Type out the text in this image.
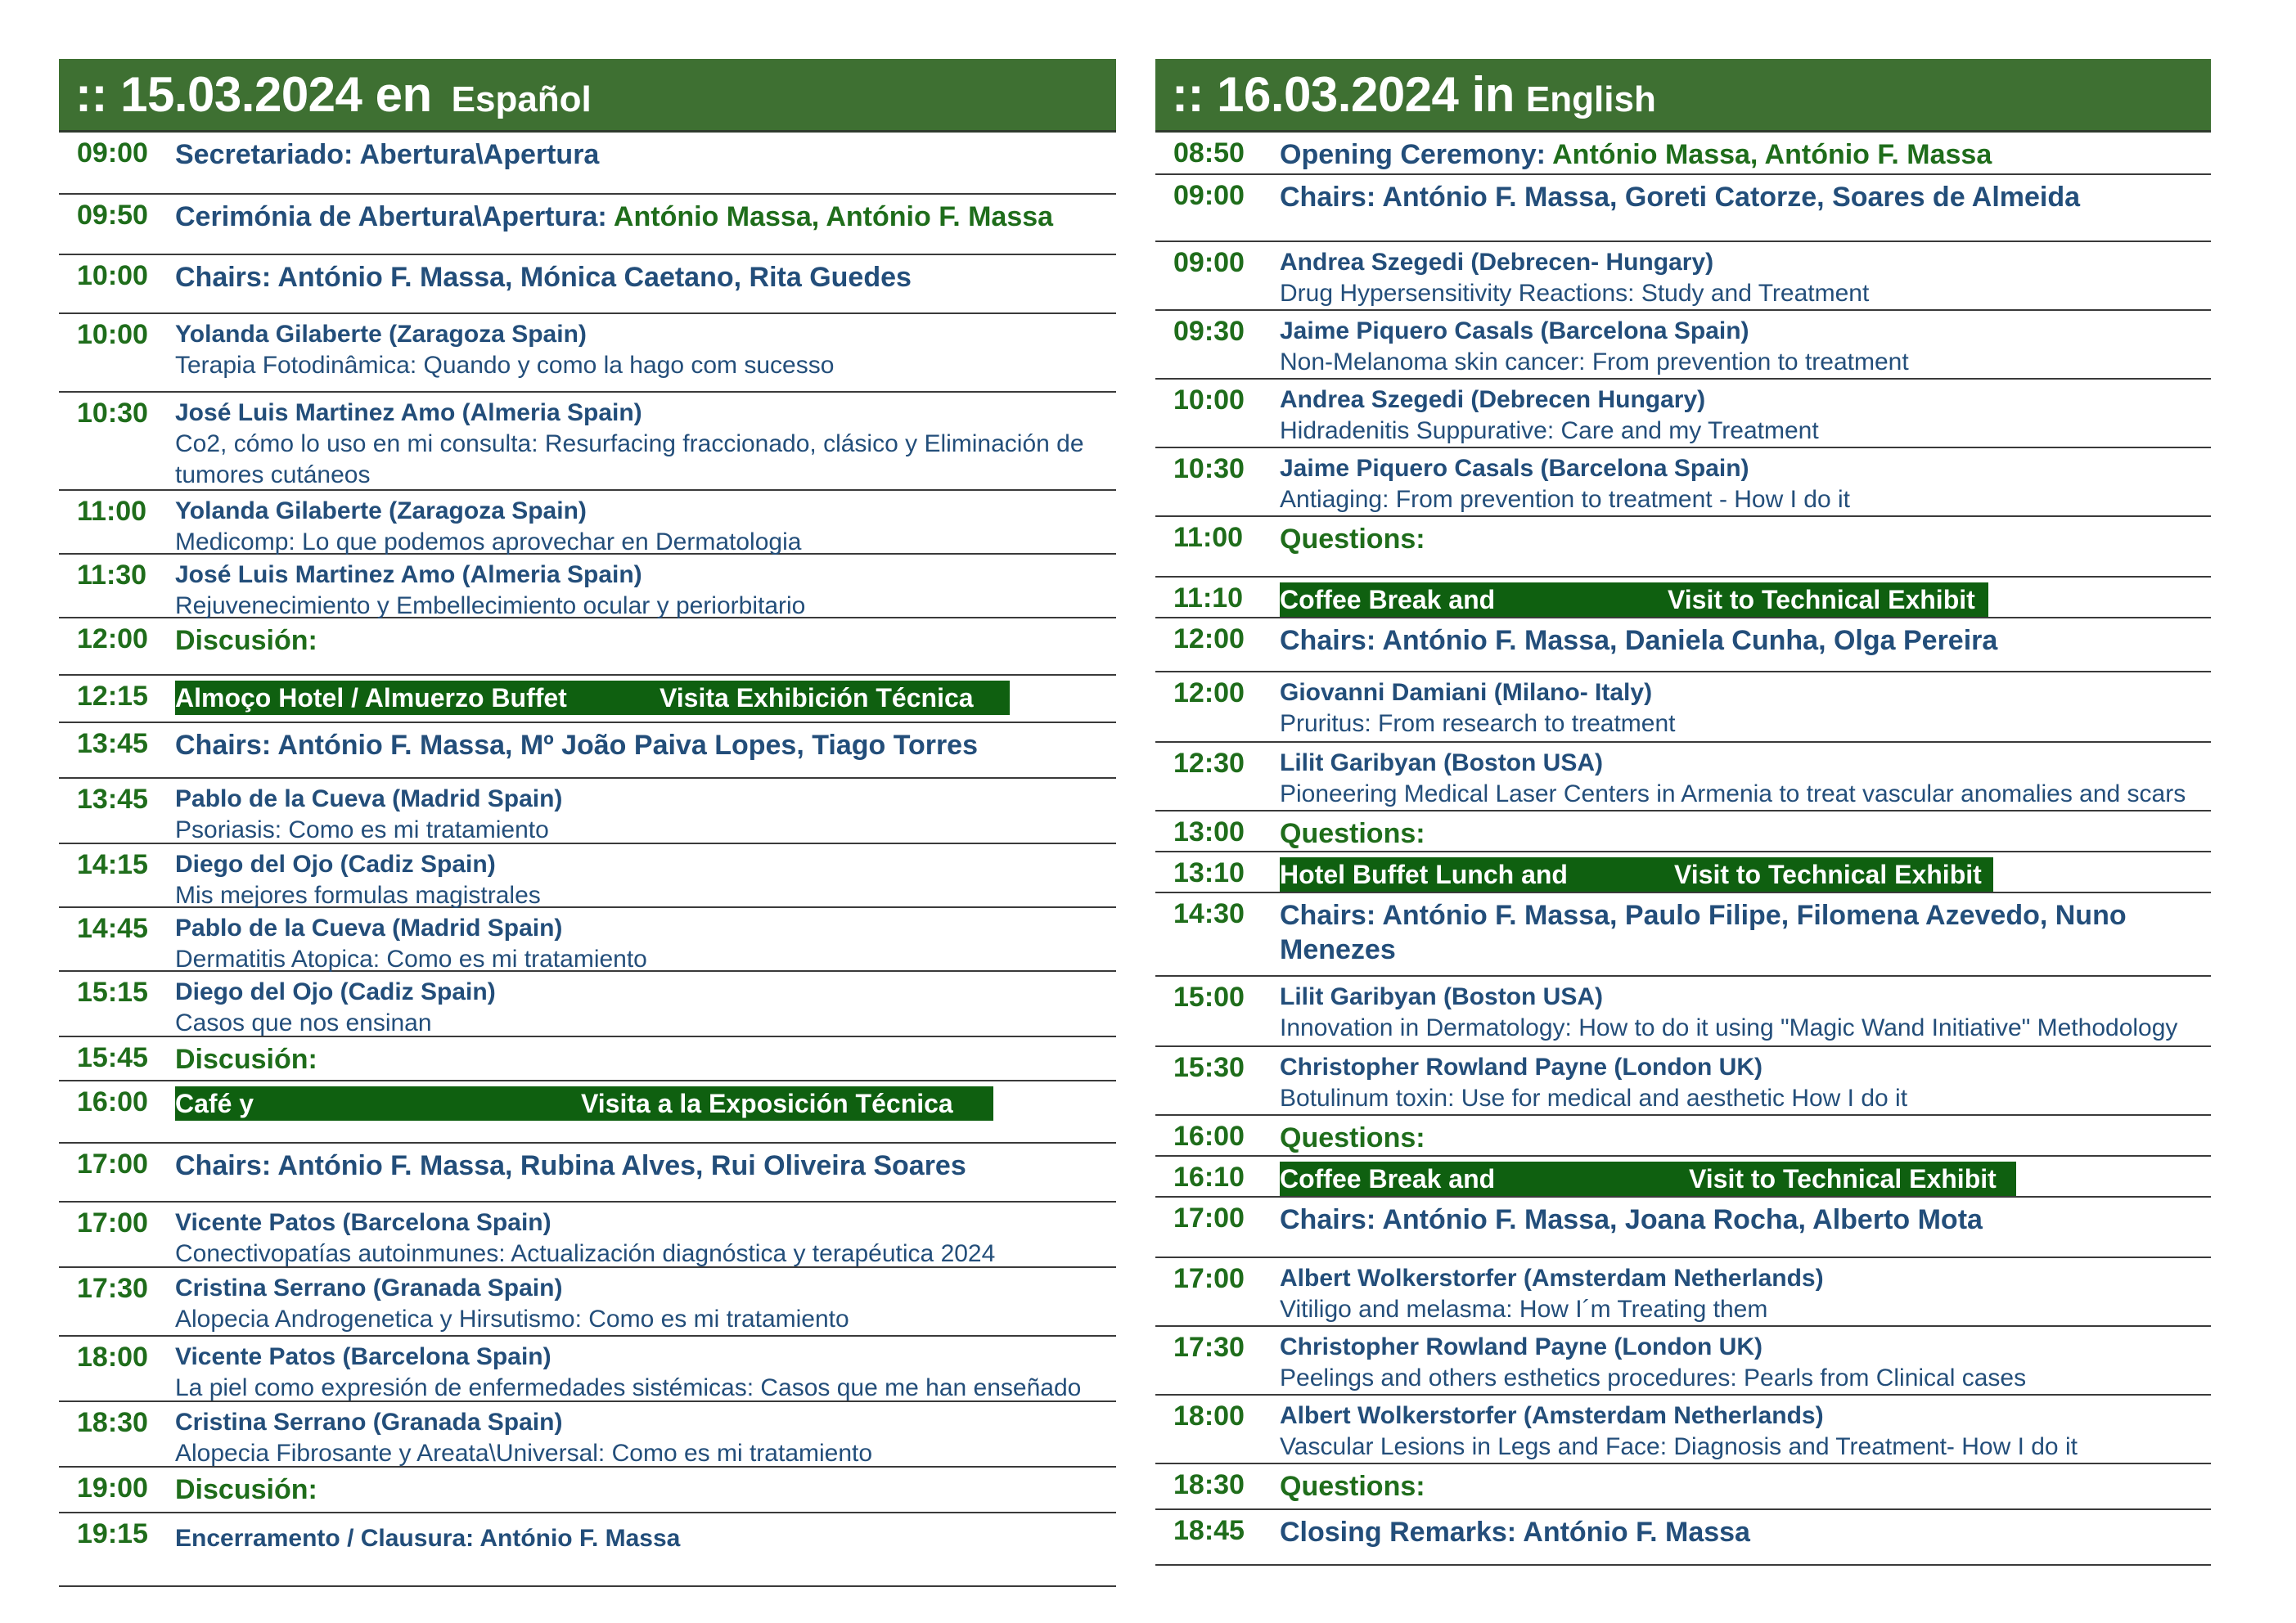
:: 15.03.2024 en Español
09:00 Secretariado: Abertura\Apertura
09:50 Cerimónia de Abertura\Apertura: António Massa, António F. Massa
10:00 Chairs: António F. Massa, Mónica Caetano, Rita Guedes
10:00 Yolanda Gilaberte (Zaragoza Spain)
Terapia Fotodinâmica: Quando y como la hago com sucesso
10:30 José Luis Martinez Amo (Almeria Spain)
Co2, cómo lo uso en mi consulta: Resurfacing fraccionado, clásico y Eliminación de tumores cutáneos
11:00 Yolanda Gilaberte (Zaragoza Spain)
Medicomp: Lo que podemos aprovechar en Dermatologia
11:30 José Luis Martinez Amo (Almeria Spain)
Rejuvenecimiento y Embellecimiento ocular y periorbitario
12:00 Discusión:
12:15 Almoço Hotel / Almuerzo Buffet	Visita Exhibición Técnica
13:45 Chairs: António F. Massa, Mº João Paiva Lopes, Tiago Torres
13:45 Pablo de la Cueva (Madrid Spain)
Psoriasis: Como es mi tratamiento
14:15 Diego del Ojo (Cadiz Spain)
Mis mejores formulas magistrales
14:45 Pablo de la Cueva (Madrid Spain)
Dermatitis Atopica: Como es mi tratamiento
15:15 Diego del Ojo (Cadiz Spain)
Casos que nos ensinan
15:45 Discusión:
16:00 Café y	Visita a la Exposición Técnica
17:00 Chairs: António F. Massa, Rubina Alves, Rui Oliveira Soares
17:00 Vicente Patos (Barcelona Spain)
Conectivopatías autoinmunes: Actualización diagnóstica y terapéutica 2024
17:30 Cristina Serrano (Granada Spain)
Alopecia Androgenetica y Hirsutismo: Como es mi tratamiento
18:00 Vicente Patos (Barcelona Spain)
La piel como expresión de enfermedades sistémicas: Casos que me han enseñado
18:30 Cristina Serrano (Granada Spain)
Alopecia Fibrosante y Areata\Universal: Como es mi tratamiento
19:00 Discusión:
19:15 Encerramento / Clausura: António F. Massa
:: 16.03.2024 in English
08:50 Opening Ceremony: António Massa, António F. Massa
09:00 Chairs: António F. Massa, Goreti Catorze, Soares de Almeida
09:00 Andrea Szegedi (Debrecen- Hungary)
Drug Hypersensitivity Reactions: Study and Treatment
09:30 Jaime Piquero Casals (Barcelona Spain)
Non-Melanoma skin cancer: From prevention to treatment
10:00 Andrea Szegedi (Debrecen Hungary)
Hidradenitis Suppurative: Care and my Treatment
10:30 Jaime Piquero Casals (Barcelona Spain)
Antiaging: From prevention to treatment - How I do it
11:00 Questions:
11:10 Coffee Break and	Visit to Technical Exhibit
12:00 Chairs: António F. Massa, Daniela Cunha, Olga Pereira
12:00 Giovanni Damiani (Milano- Italy)
Pruritus: From research to treatment
12:30 Lilit Garibyan (Boston USA)
Pioneering Medical Laser Centers in Armenia to treat vascular anomalies and scars
13:00 Questions:
13:10 Hotel Buffet Lunch and	Visit to Technical Exhibit
14:30 Chairs: António F. Massa, Paulo Filipe, Filomena Azevedo, Nuno Menezes
15:00 Lilit Garibyan (Boston USA)
Innovation in Dermatology: How to do it using "Magic Wand Initiative" Methodology
15:30 Christopher Rowland Payne (London UK)
Botulinum toxin: Use for medical and aesthetic How I do it
16:00 Questions:
16:10 Coffee Break and	Visit to Technical Exhibit
17:00 Chairs: António F. Massa, Joana Rocha, Alberto Mota
17:00 Albert Wolkerstorfer (Amsterdam Netherlands)
Vitiligo and melasma: How I´m Treating them
17:30 Christopher Rowland Payne (London UK)
Peelings and others esthetics procedures: Pearls from Clinical cases
18:00 Albert Wolkerstorfer (Amsterdam Netherlands)
Vascular Lesions in Legs and Face: Diagnosis and Treatment- How I do it
18:30 Questions:
18:45 Closing Remarks: António F. Massa
